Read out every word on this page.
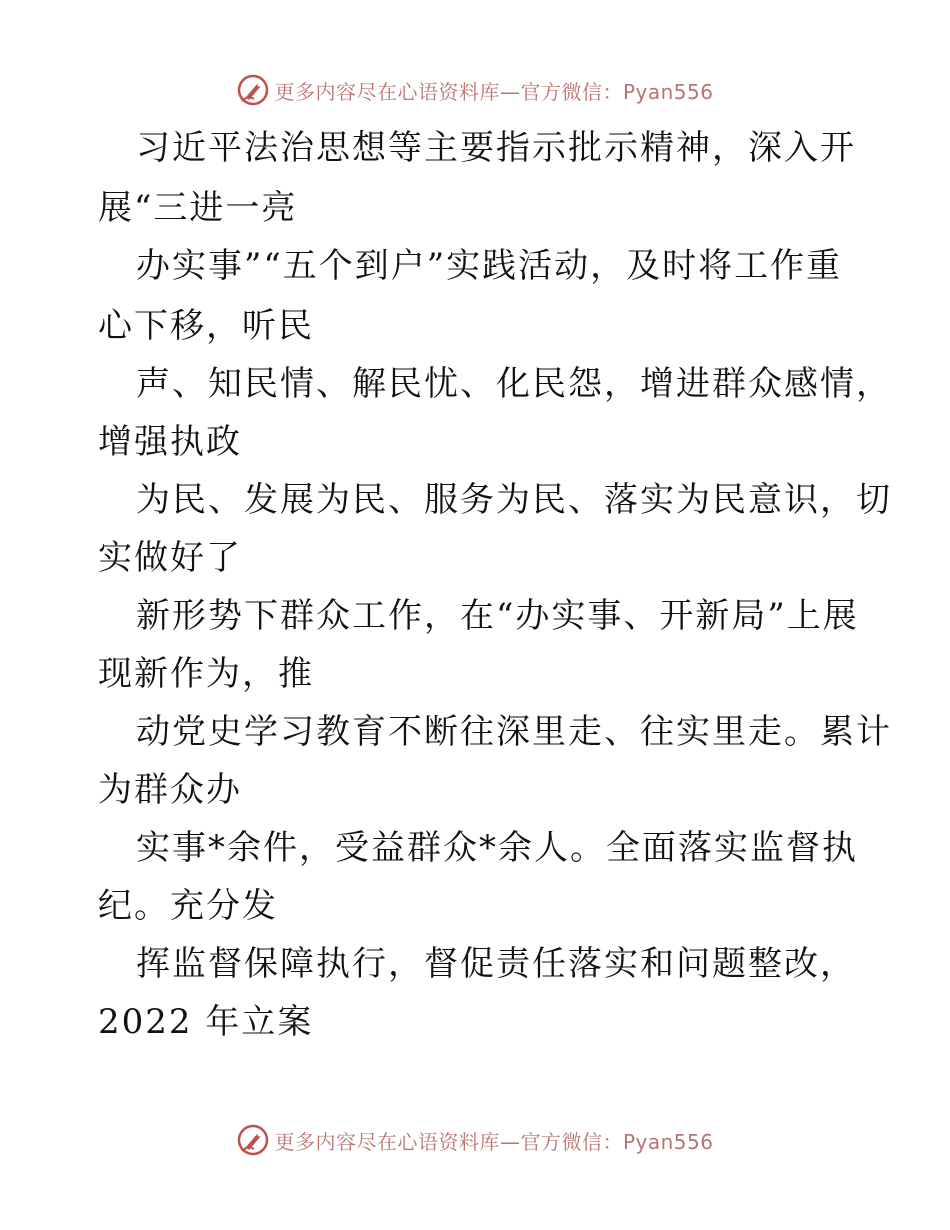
更多内容尽在心语资料库—官方微信：Pyan556
习近平法治思想等主要指示批示精神，深入开
展“三进一亮
办实事”“五个到户”实践活动，及时将工作重
心下移，听民
声、知民情、解民忧、化民怨，增进群众感情，
增强执政
为民、发展为民、服务为民、落实为民意识，切
实做好了
新形势下群众工作，在“办实事、开新局”上展
现新作为，推
动党史学习教育不断往深里走、往实里走。累计
为群众办
实事*余件，受益群众*余人。全面落实监督执
纪。充分发
挥监督保障执行，督促责任落实和问题整改，
2022 年立案
更多内容尽在心语资料库—官方微信：Pyan556
